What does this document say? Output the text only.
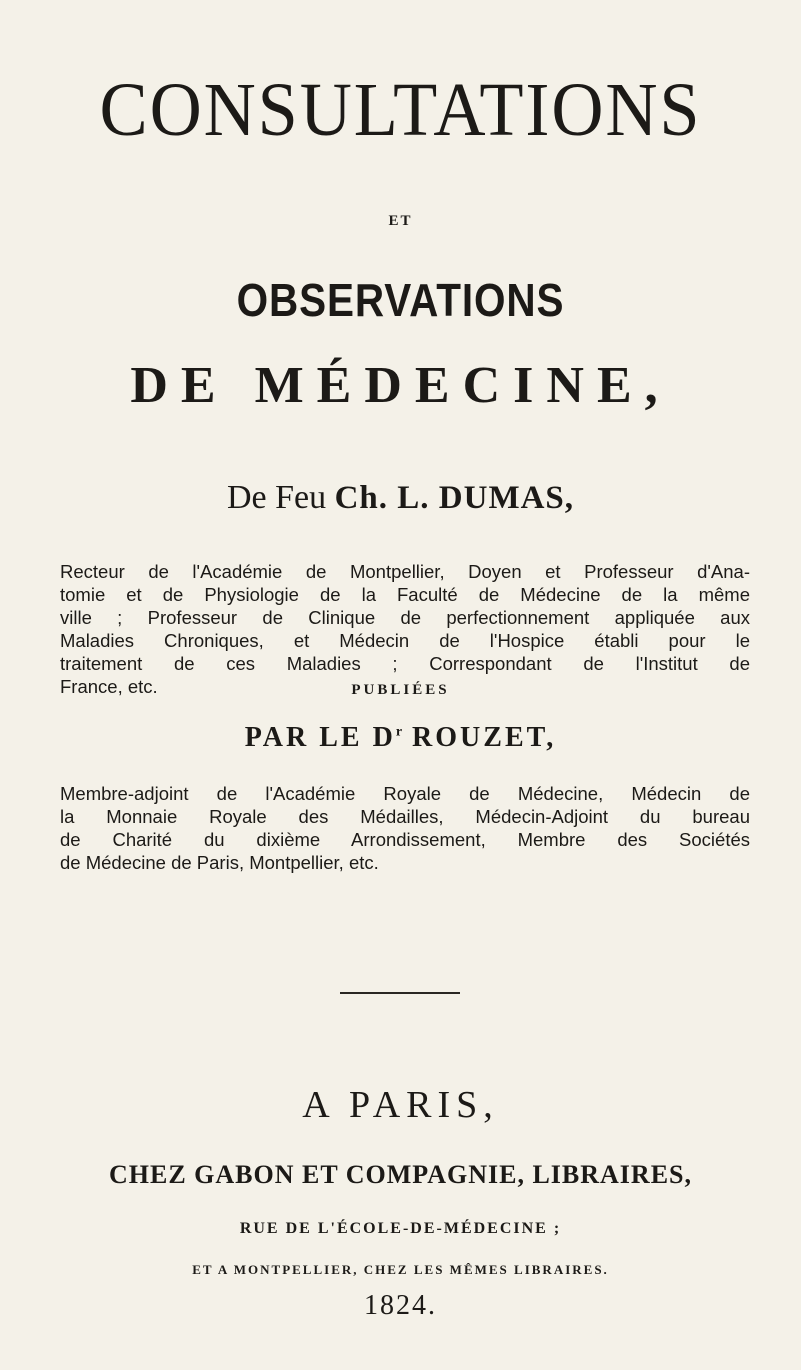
CONSULTATIONS
ET
OBSERVATIONS
DE MÉDECINE,
De Feu Ch. L. DUMAS,
Recteur de l'Académie de Montpellier, Doyen et Professeur d'Ana-
tomie et de Physiologie de la Faculté de Médecine de la même
ville ; Professeur de Clinique de perfectionnement appliquée aux
Maladies Chroniques, et Médecin de l'Hospice établi pour le
traitement de ces Maladies ; Correspondant de l'Institut de
France, etc.	PUBLIÉES
PAR LE $D^r$ ROUZET,
Membre-adjoint de l'Académie Royale de Médecine, Médecin de
la Monnaie Royale des Médailles, Médecin-Adjoint du bureau
de Charité du dixième Arrondissement, Membre des Sociétés
de Médecine de Paris, Montpellier, etc.
A PARIS,
CHEZ GABON ET COMPAGNIE, LIBRAIRES,
RUE DE L'ÉCOLE-DE-MÉDECINE ;
ET A MONTPELLIER, CHEZ LES MÊMES LIBRAIRES.
1824.
